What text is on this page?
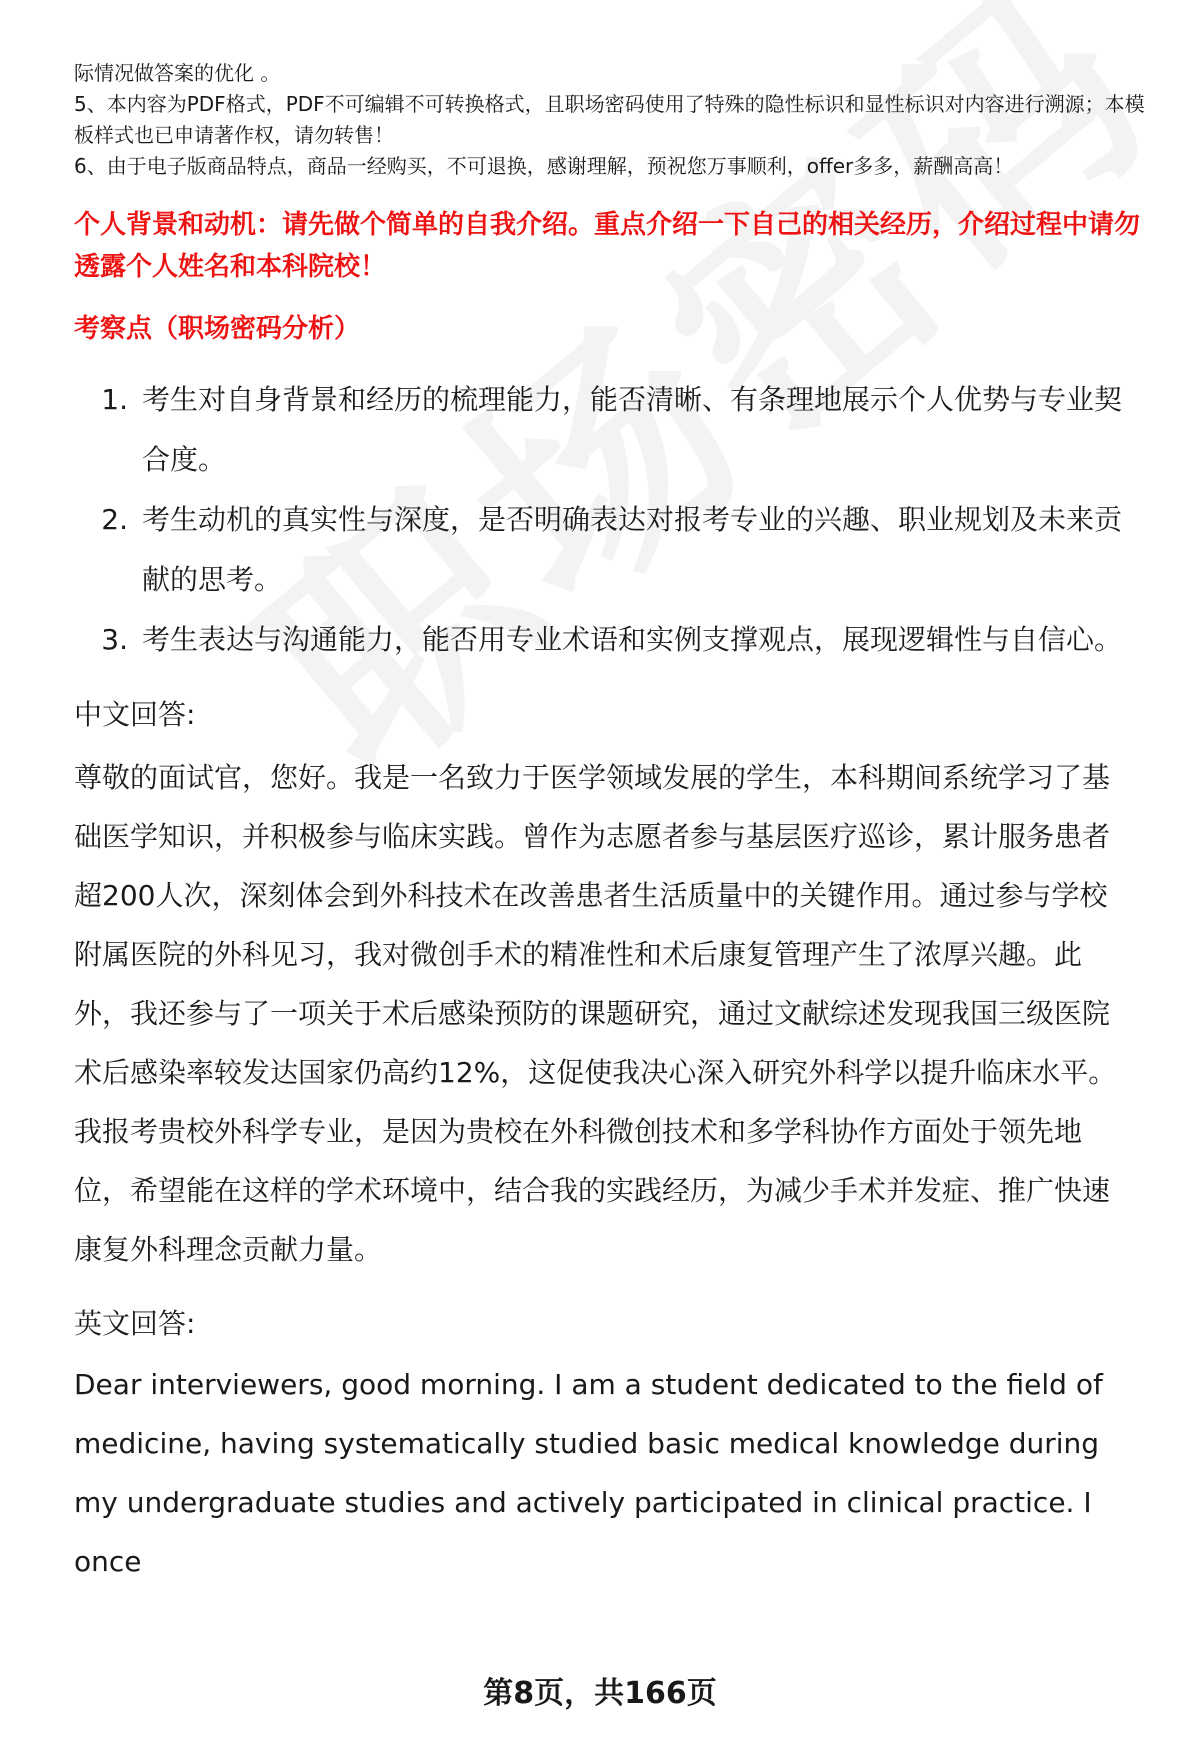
际情况做答案的优化 。

5、本内容为PDF格式，PDF不可编辑不可转换格式，且职场密码使用了特殊的隐性标识和显性标识对内容进行溯源；本模板样式也已申请著作权，请勿转售！

6、由于电子版商品特点，商品一经购买，不可退换，感谢理解，预祝您万事顺利，offer多多，薪酬高高！

个人背景和动机：请先做个简单的自我介绍。重点介绍一下自己的相关经历，介绍过程中请勿透露个人姓名和本科院校！
考察点（职场密码分析）
1. 考生对自身背景和经历的梳理能力，能否清晰、有条理地展示个人优势与专业契合度。
2. 考生动机的真实性与深度，是否明确表达对报考专业的兴趣、职业规划及未来贡献的思考。
3. 考生表达与沟通能力，能否用专业术语和实例支撑观点，展现逻辑性与自信心。
中文回答:
尊敬的面试官，您好。我是一名致力于医学领域发展的学生，本科期间系统学习了基础医学知识，并积极参与临床实践。曾作为志愿者参与基层医疗巡诊，累计服务患者超200人次，深刻体会到外科技术在改善患者生活质量中的关键作用。通过参与学校附属医院的外科见习，我对微创手术的精准性和术后康复管理产生了浓厚兴趣。此外，我还参与了一项关于术后感染预防的课题研究，通过文献综述发现我国三级医院术后感染率较发达国家仍高约12%，这促使我决心深入研究外科学以提升临床水平。我报考贵校外科学专业，是因为贵校在外科微创技术和多学科协作方面处于领先地位，希望能在这样的学术环境中，结合我的实践经历，为减少手术并发症、推广快速康复外科理念贡献力量。
英文回答:
Dear interviewers, good morning. I am a student dedicated to the field of medicine, having systematically studied basic medical knowledge during my undergraduate studies and actively participated in clinical practice. I once
第8页，共166页
